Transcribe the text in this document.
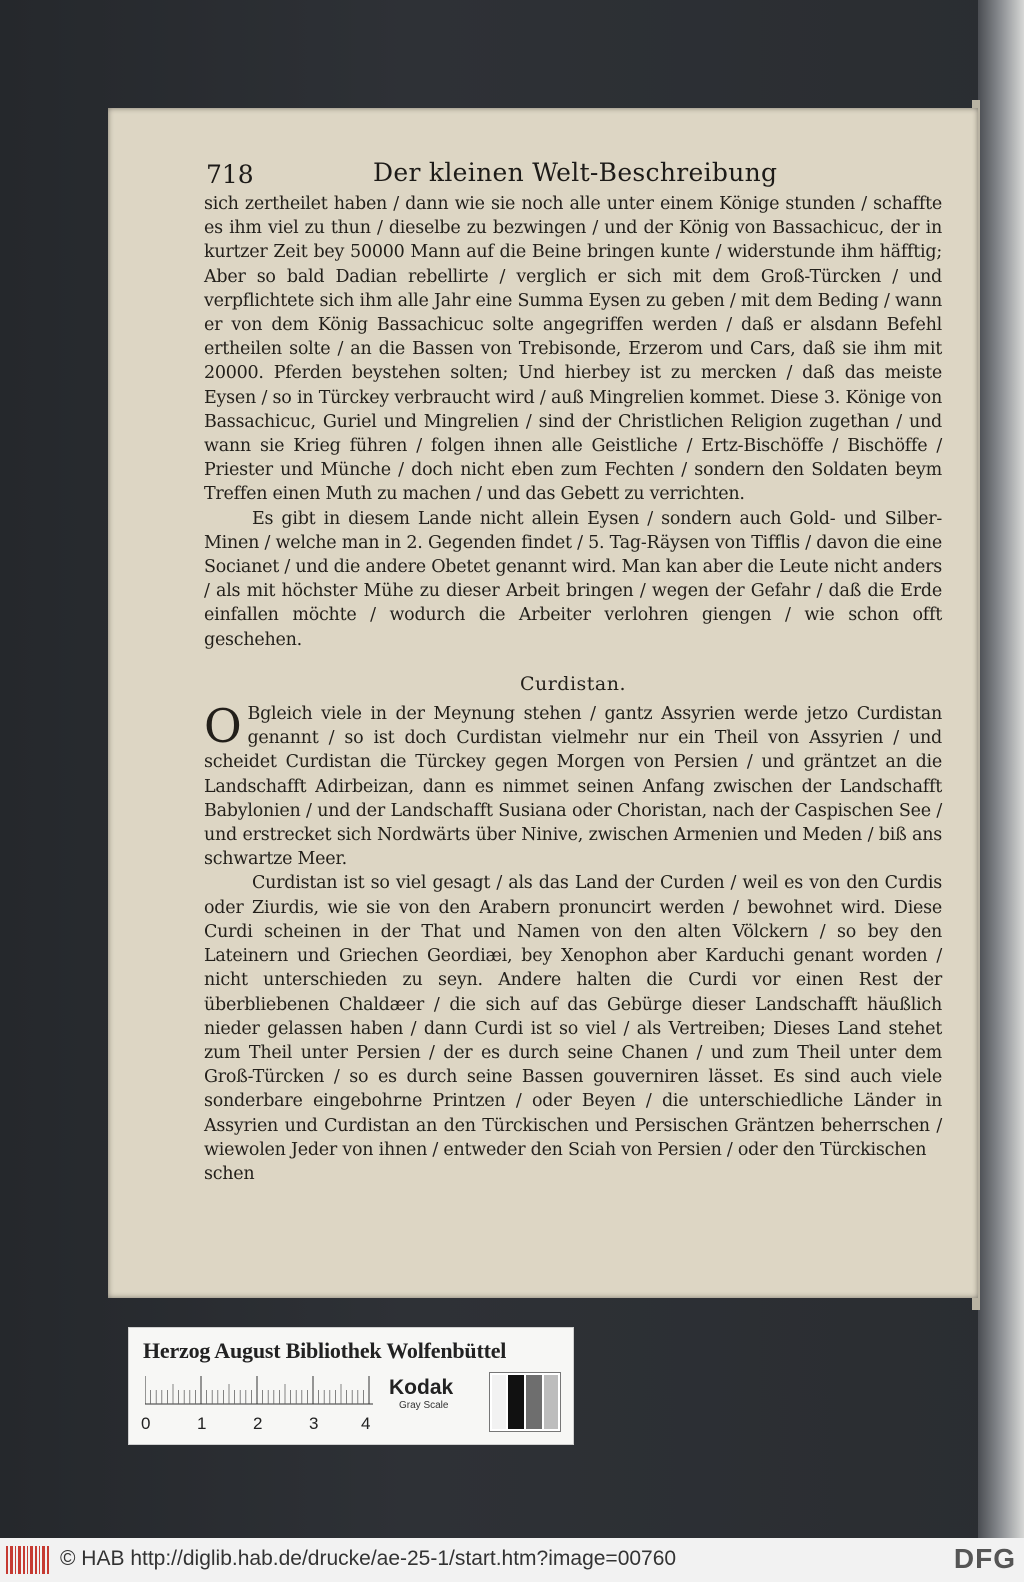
718	Der kleinen Welt-Beschreibung

sich zertheilet haben / dann wie sie noch alle unter einem Könige stunden / schaffte es ihm viel zu thun / dieselbe zu bezwingen / und der König von Bassachicuc, der in kurtzer Zeit bey 50000 Mann auf die Beine bringen kunte / widerstunde ihm häfftig; Aber so bald Dadian rebellirte / verglich er sich mit dem Groß-Türcken / und verpflichtete sich ihm alle Jahr eine Summa Eysen zu geben / mit dem Beding / wann er von dem König Bassachicuc solte angegriffen werden / daß er alsdann Befehl ertheilen solte / an die Bassen von Trebisonde, Erzerom und Cars, daß sie ihm mit 20000. Pferden beystehen solten; Und hierbey ist zu mercken / daß das meiste Eysen / so in Türckey verbraucht wird / auß Mingrelien kommet. Diese 3. Könige von Bassachicuc, Guriel und Mingrelien / sind der Christlichen Religion zugethan / und wann sie Krieg führen / folgen ihnen alle Geistliche / Ertz-Bischöffe / Bischöffe / Priester und Münche / doch nicht eben zum Fechten / sondern den Soldaten beym Treffen einen Muth zu machen / und das Gebett zu verrichten.

Es gibt in diesem Lande nicht allein Eysen / sondern auch Gold- und Silber-Minen / welche man in 2. Gegenden findet / 5. Tag-Räysen von Tifflis / davon die eine Socianet / und die andere Obetet genannt wird. Man kan aber die Leute nicht anders / als mit höchster Mühe zu dieser Arbeit bringen / wegen der Gefahr / daß die Erde einfallen möchte / wodurch die Arbeiter verlohren giengen / wie schon offt geschehen.

Curdistan.

O Bgleich viele in der Meynung stehen / gantz Assyrien werde jetzo Curdistan genannt / so ist doch Curdistan vielmehr nur ein Theil von Assyrien / und scheidet Curdistan die Türckey gegen Morgen von Persien / und gräntzet an die Landschafft Adirbeizan, dann es nimmet seinen Anfang zwischen der Landschafft Babylonien / und der Landschafft Susiana oder Choristan, nach der Caspischen See / und erstrecket sich Nordwärts über Ninive, zwischen Armenien und Meden / biß ans schwartze Meer.

Curdistan ist so viel gesagt / als das Land der Curden / weil es von den Curdis oder Ziurdis, wie sie von den Arabern pronuncirt werden / bewohnet wird. Diese Curdi scheinen in der That und Namen von den alten Völckern / so bey den Lateinern und Griechen Geordiæi, bey Xenophon aber Karduchi genant worden / nicht unterschieden zu seyn. Andere halten die Curdi vor einen Rest der überbliebenen Chaldæer / die sich auf das Gebürge dieser Landschafft häußlich nieder gelassen haben / dann Curdi ist so viel / als Vertreiben; Dieses Land stehet zum Theil unter Persien / der es durch seine Chanen / und zum Theil unter dem Groß-Türcken / so es durch seine Bassen gouverniren lässet. Es sind auch viele sonderbare eingebohrne Printzen / oder Beyen / die unterschiedliche Länder in Assyrien und Curdistan an den Türckischen und Persischen Gräntzen beherrschen / wiewolen Jeder von ihnen / entweder den Sciah von Persien / oder den Türckischen

schen

Herzog August Bibliothek Wolfenbüttel
0	1	2	3	4
Kodak
Gray Scale
© HAB http://diglib.hab.de/drucke/ae-25-1/start.htm?image=00760	DFG
